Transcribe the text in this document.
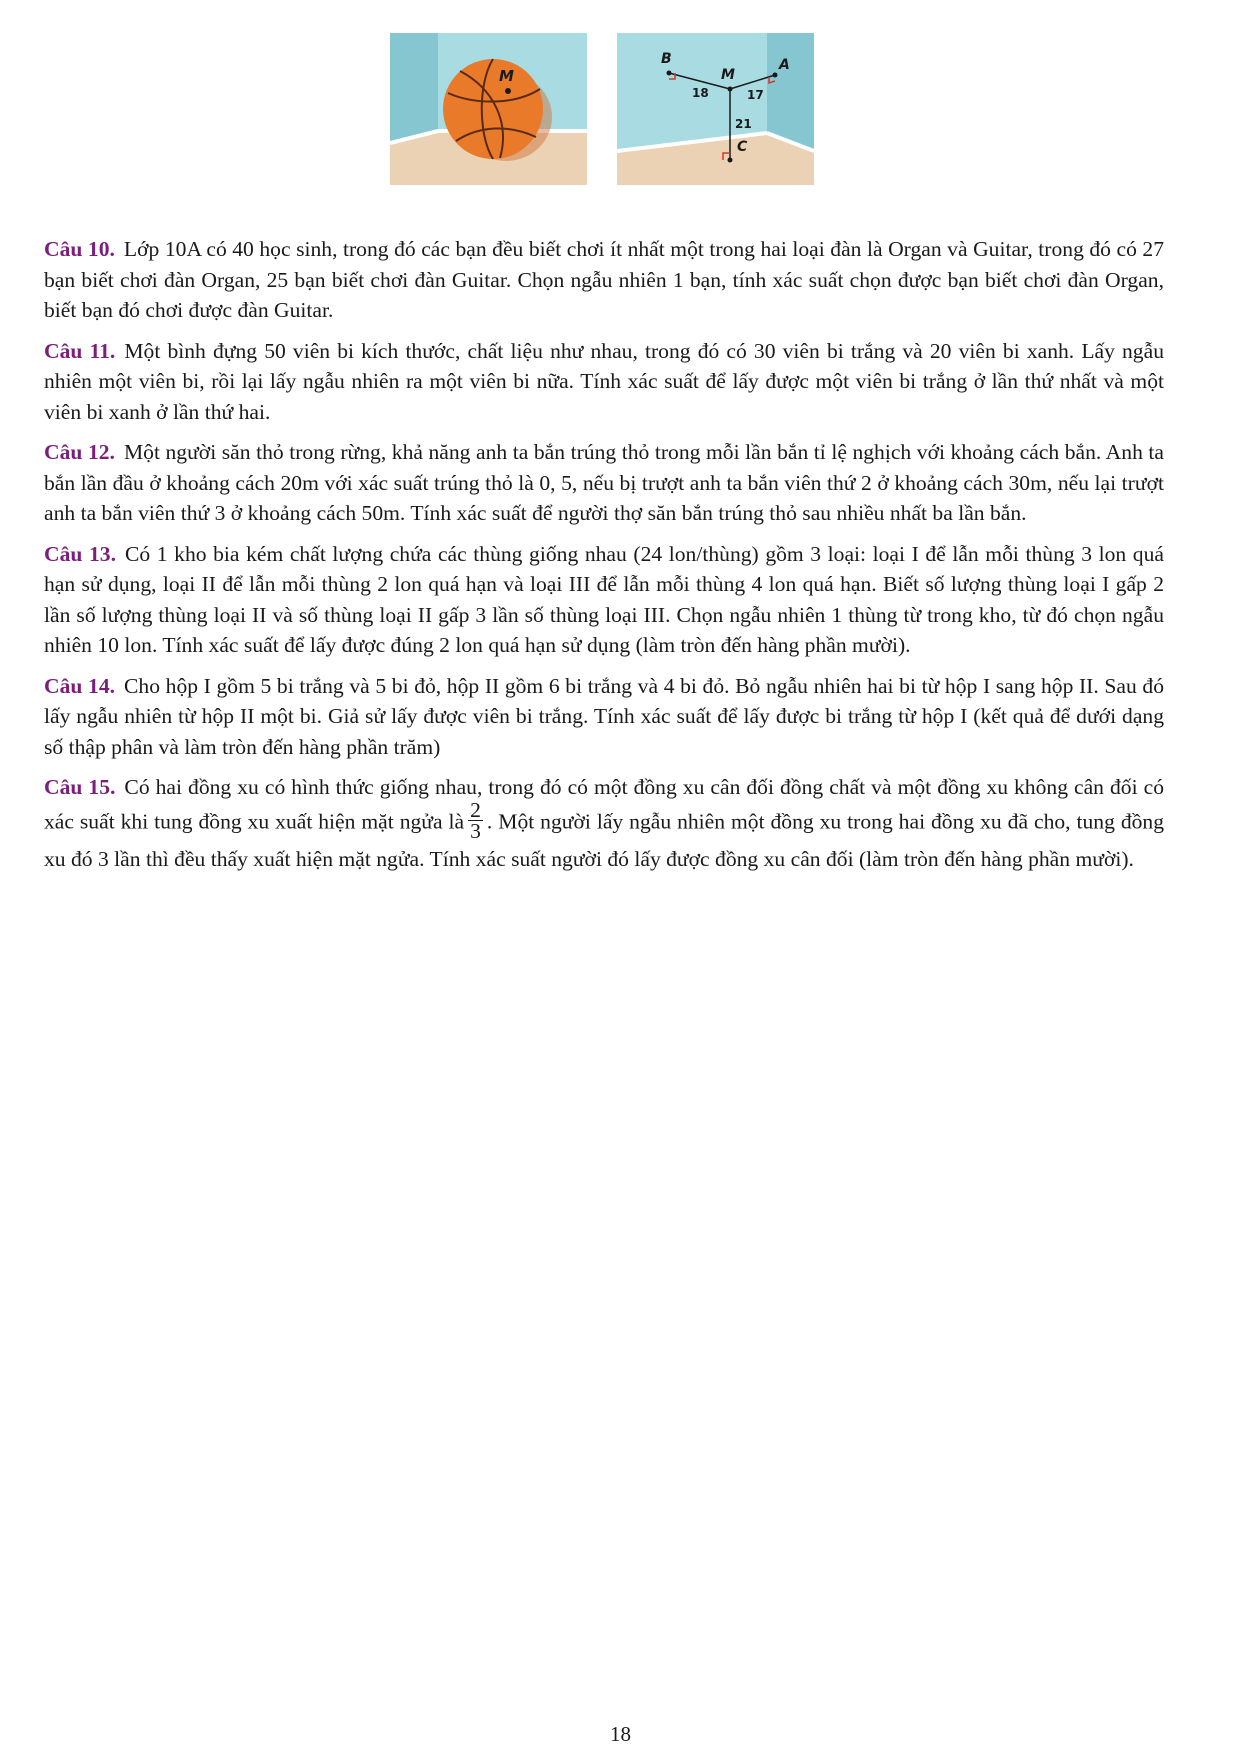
M
B
M
A
C
18	17
21

Câu 10. Lớp 10A có 40 học sinh, trong đó các bạn đều biết chơi ít nhất một trong hai loại đàn là Organ và Guitar, trong đó có 27 bạn biết chơi đàn Organ, 25 bạn biết chơi đàn Guitar. Chọn ngẫu nhiên 1 bạn, tính xác suất chọn được bạn biết chơi đàn Organ, biết bạn đó chơi được đàn Guitar.

Câu 11. Một bình đựng 50 viên bi kích thước, chất liệu như nhau, trong đó có 30 viên bi trắng và 20 viên bi xanh. Lấy ngẫu nhiên một viên bi, rồi lại lấy ngẫu nhiên ra một viên bi nữa. Tính xác suất để lấy được một viên bi trắng ở lần thứ nhất và một viên bi xanh ở lần thứ hai.

Câu 12. Một người săn thỏ trong rừng, khả năng anh ta bắn trúng thỏ trong mỗi lần bắn tỉ lệ nghịch với khoảng cách bắn. Anh ta bắn lần đầu ở khoảng cách 20m với xác suất trúng thỏ là 0, 5, nếu bị trượt anh ta bắn viên thứ 2 ở khoảng cách 30m, nếu lại trượt anh ta bắn viên thứ 3 ở khoảng cách 50m. Tính xác suất để người thợ săn bắn trúng thỏ sau nhiều nhất ba lần bắn.

Câu 13. Có 1 kho bia kém chất lượng chứa các thùng giống nhau (24 lon/thùng) gồm 3 loại: loại I để lẫn mỗi thùng 3 lon quá hạn sử dụng, loại II để lẫn mỗi thùng 2 lon quá hạn và loại III để lẫn mỗi thùng 4 lon quá hạn. Biết số lượng thùng loại I gấp 2 lần số lượng thùng loại II và số thùng loại II gấp 3 lần số thùng loại III. Chọn ngẫu nhiên 1 thùng từ trong kho, từ đó chọn ngẫu nhiên 10 lon. Tính xác suất để lấy được đúng 2 lon quá hạn sử dụng (làm tròn đến hàng phần mười).

Câu 14. Cho hộp I gồm 5 bi trắng và 5 bi đỏ, hộp II gồm 6 bi trắng và 4 bi đỏ. Bỏ ngẫu nhiên hai bi từ hộp I sang hộp II. Sau đó lấy ngẫu nhiên từ hộp II một bi. Giả sử lấy được viên bi trắng. Tính xác suất để lấy được bi trắng từ hộp I (kết quả để dưới dạng số thập phân và làm tròn đến hàng phần trăm)

Câu 15. Có hai đồng xu có hình thức giống nhau, trong đó có một đồng xu cân đối đồng chất và một đồng xu không cân đối có xác suất khi tung đồng xu xuất hiện mặt ngửa là $\frac{2}{3}$ . Một người lấy ngẫu nhiên một đồng xu trong hai đồng xu đã cho, tung đồng xu đó 3 lần thì đều thấy xuất hiện mặt ngửa. Tính xác suất người đó lấy được đồng xu cân đối (làm tròn đến hàng phần mười).

18
